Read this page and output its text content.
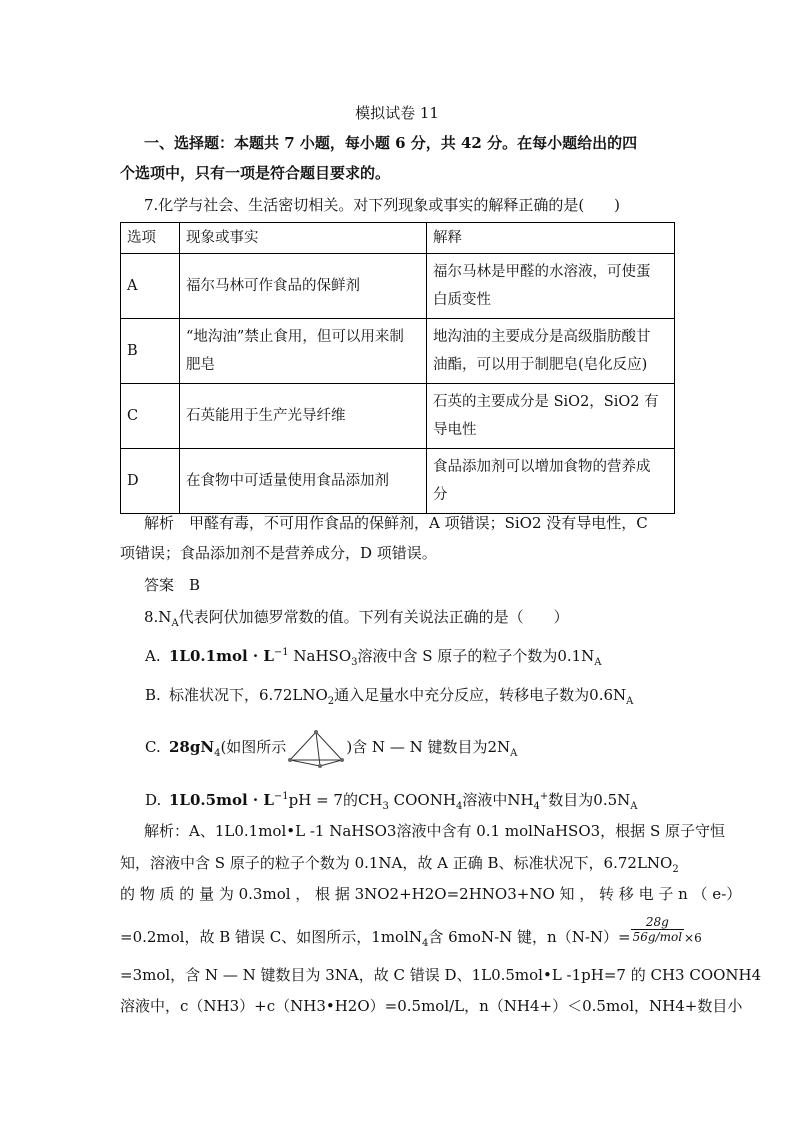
模拟试卷 11
一、选择题：本题共 7 小题，每小题 6 分，共 42 分。在每小题给出的四
个选项中，只有一项是符合题目要求的。
7.化学与社会、生活密切相关。对下列现象或事实的解释正确的是(　　)
选项	现象或事实	解释
A	福尔马林可作食品的保鲜剂	福尔马林是甲醛的水溶液，可使蛋
白质变性
B	“地沟油”禁止食用，但可以用来制
肥皂	地沟油的主要成分是高级脂肪酸甘
油酯，可以用于制肥皂(皂化反应)
C	石英能用于生产光导纤维	石英的主要成分是 SiO2，SiO2 有
导电性
D	在食物中可适量使用食品添加剂	食品添加剂可以增加食物的营养成
分
解析　甲醛有毒，不可用作食品的保鲜剂，A 项错误；SiO2 没有导电性，C
项错误；食品添加剂不是营养成分，D 项错误。
答案　B
$8.N_A$代表阿伏加德罗常数的值。下列有关说法正确的是（　　）
A. $1L0.1mol \cdot L^{-1}$ NaHSO$_3$溶液中含 S 原子的粒子个数为$0.1N_A$
B. 标准状况下，$6.72LNO_2$通入足量水中充分反应，转移电子数为$0.6N_A$
C. $28gN_4$(如图所示	)含 N — N 键数目为$2N_A$
D. $1L0.5mol \cdot L^{-1}pH = 7$的$CH_3$ $COONH_4$溶液中$NH_4^+$数目为$0.5N_A$
解析：A、1L0.1mol•L -1 NaHSO3溶液中含有 0.1 molNaHSO3，根据 S 原子守恒
知，溶液中含 S 原子的粒子个数为 0.1NA，故 A 正确 B、标准状况下，$6.72LNO_2$
的 物 质 的 量 为 0.3mol ， 根 据 3NO2+H2O=2HNO3+NO 知 ， 转 移 电 子 n （ e-）
=0.2mol，故 B 错误 C、如图所示，1molN$_4$含 6moN-N 键，$n(N-N)= \frac{28g}{\text{56g/mol}} \times 6$
=3mol，含 N — N 键数目为 3NA，故 C 错误 D、1L0.5mol•L -1pH=7 的 CH3 COONH4
溶液中，c（NH3）+c（NH3•H2O）=0.5mol/L，n（NH4+）＜0.5mol，NH4+数目小
